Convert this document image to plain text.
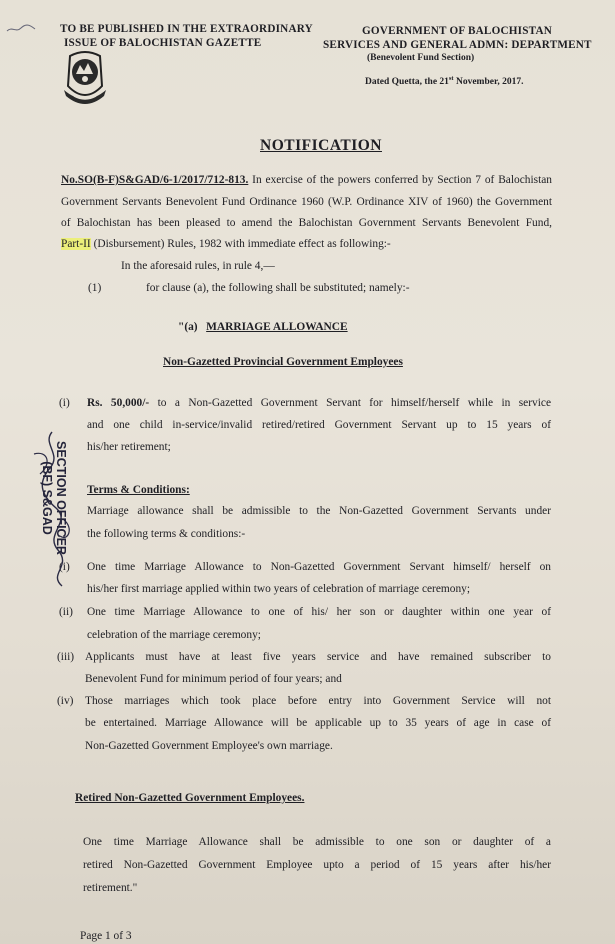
TO BE PUBLISHED IN THE EXTRAORDINARY
ISSUE OF BALOCHISTAN GAZETTE
GOVERNMENT OF BALOCHISTAN
SERVICES AND GENERAL ADMN: DEPARTMENT
(Benevolent Fund Section)
Dated Quetta, the 21st November, 2017.
NOTIFICATION
No.SO(B-F)S&GAD/6-1/2017/712-813. In exercise of the powers conferred by Section 7 of Balochistan
Government Servants Benevolent Fund Ordinance 1960 (W.P. Ordinance XIV of 1960) the Government
of Balochistan has been pleased to amend the Balochistan Government Servants Benevolent Fund,
Part-II (Disbursement) Rules, 1982 with immediate effect as following:-
In the aforesaid rules, in rule 4,—
(1)	for clause (a), the following shall be substituted; namely:-
"(a) MARRIAGE ALLOWANCE
Non-Gazetted Provincial Government Employees
(i) Rs. 50,000/- to a Non-Gazetted Government Servant for himself/herself while in service
and one child in-service/invalid retired/retired Government Servant up to 15 years of
his/her retirement;
Terms & Conditions:
Marriage allowance shall be admissible to the Non-Gazetted Government Servants under
the following terms & conditions:-
(i) One time Marriage Allowance to Non-Gazetted Government Servant himself/ herself on
his/her first marriage applied within two years of celebration of marriage ceremony;
(ii) One time Marriage Allowance to one of his/ her son or daughter within one year of
celebration of the marriage ceremony;
(iii) Applicants must have at least five years service and have remained subscriber to
Benevolent Fund for minimum period of four years; and
(iv) Those marriages which took place before entry into Government Service will not
be entertained. Marriage Allowance will be applicable up to 35 years of age in case of
Non-Gazetted Government Employee's own marriage.
Retired Non-Gazetted Government Employees.
One time Marriage Allowance shall be admissible to one son or daughter of a
retired Non-Gazetted Government Employee upto a period of 15 years after his/her
retirement."
SECTION OFFICER
(BF) S&GAD
Page 1 of 3
